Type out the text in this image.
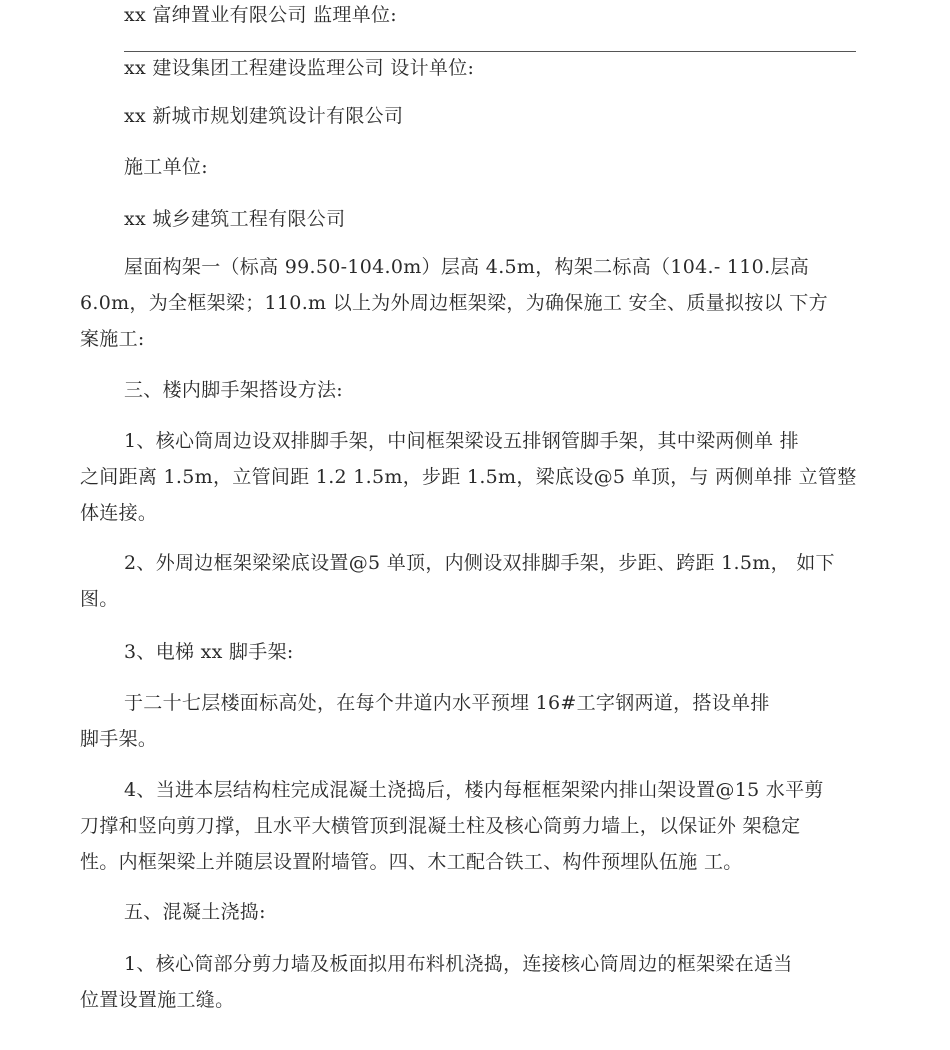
xx 富绅置业有限公司 监理单位:
xx 建设集团工程建设监理公司 设计单位:
xx 新城市规划建筑设计有限公司
施工单位:
xx 城乡建筑工程有限公司
屋面构架一（标高 99.50-104.0m）层高 4.5m，构架二标高（104.- 110.层高
6.0m，为全框架梁；110.m 以上为外周边框架梁，为确保施工 安全、质量拟按以 下方
案施工:
三、楼内脚手架搭设方法:
1、核心筒周边设双排脚手架，中间框架梁设五排钢管脚手架，其中梁两侧单 排
之间距离 1.5m，立管间距 1.2 1.5m，步距 1.5m，梁底设@5 单顶，与 两侧单排 立管整
体连接。
2、外周边框架梁梁底设置@5 单顶，内侧设双排脚手架，步距、跨距 1.5m， 如下
图。
3、电梯 xx 脚手架:
于二十七层楼面标高处，在每个井道内水平预埋 16#工字钢两道，搭设单排
脚手架。
4、当进本层结构柱完成混凝土浇捣后，楼内每框框架梁内排山架设置@15 水平剪
刀撑和竖向剪刀撑，且水平大横管顶到混凝土柱及核心筒剪力墙上，以保证外 架稳定
性。内框架梁上并随层设置附墙管。四、木工配合铁工、构件预埋队伍施 工。
五、混凝土浇捣:
1、核心筒部分剪力墙及板面拟用布料机浇捣，连接核心筒周边的框架梁在适当
位置设置施工缝。
